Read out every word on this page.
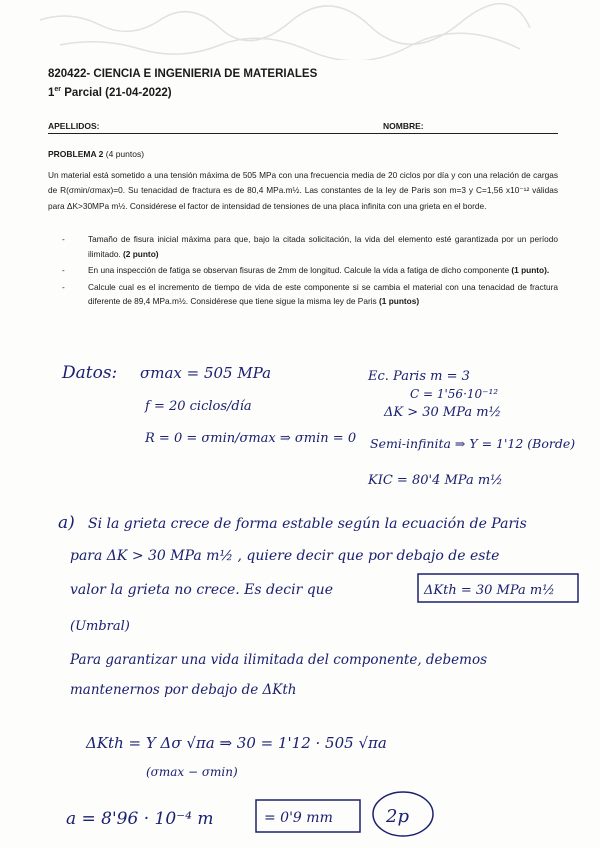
820422- CIENCIA E INGENIERIA DE MATERIALES
1er Parcial (21-04-2022)
APELLIDOS:	NOMBRE:
PROBLEMA 2 (4 puntos)
Un material está sometido a una tensión máxima de 505 MPa con una frecuencia media de 20 ciclos por día y con una relación de cargas de R(σmin/σmax)=0. Su tenacidad de fractura es de 80,4 MPa.m½. Las constantes de la ley de Paris son m=3 y C=1,56 x10⁻¹² válidas para ΔK>30MPa m½. Considérese el factor de intensidad de tensiones de una placa infinita con una grieta en el borde.
-	Tamaño de fisura inicial máxima para que, bajo la citada solicitación, la vida del elemento esté garantizada por un período ilimitado. (2 punto)
-	En una inspección de fatiga se observan fisuras de 2mm de longitud. Calcule la vida a fatiga de dicho componente (1 punto).
-	Calcule cual es el incremento de tiempo de vida de este componente si se cambia el material con una tenacidad de fractura diferente de 89,4 MPa.m½. Considérese que tiene sigue la misma ley de Paris (1 puntos)
Datos: σmax = 505 MPa
f = 20 ciclos/día
R = 0 = σmin/σmax ⇒ σmin = 0
Ec. Paris m = 3
C = 1'56·10⁻¹²
ΔK > 30 MPa m½
Semi-infinita ⇒ Y = 1'12 (Borde)
KIC = 80'4 MPa m½
a) Si la grieta crece de forma estable según la ecuación de Paris
para ΔK > 30 MPa m½ , quiere decir que por debajo de este
valor la grieta no crece. Es decir que	ΔKth = 30 MPa m½
(Umbral)
Para garantizar una vida ilimitada del componente, debemos
mantenernos por debajo de ΔKth
ΔKth = Y Δσ √πa ⇒ 30 = 1'12 · 505 √πa
(σmax − σmin)
a = 8'96 · 10⁻⁴ m	= 0'9 mm	2p
